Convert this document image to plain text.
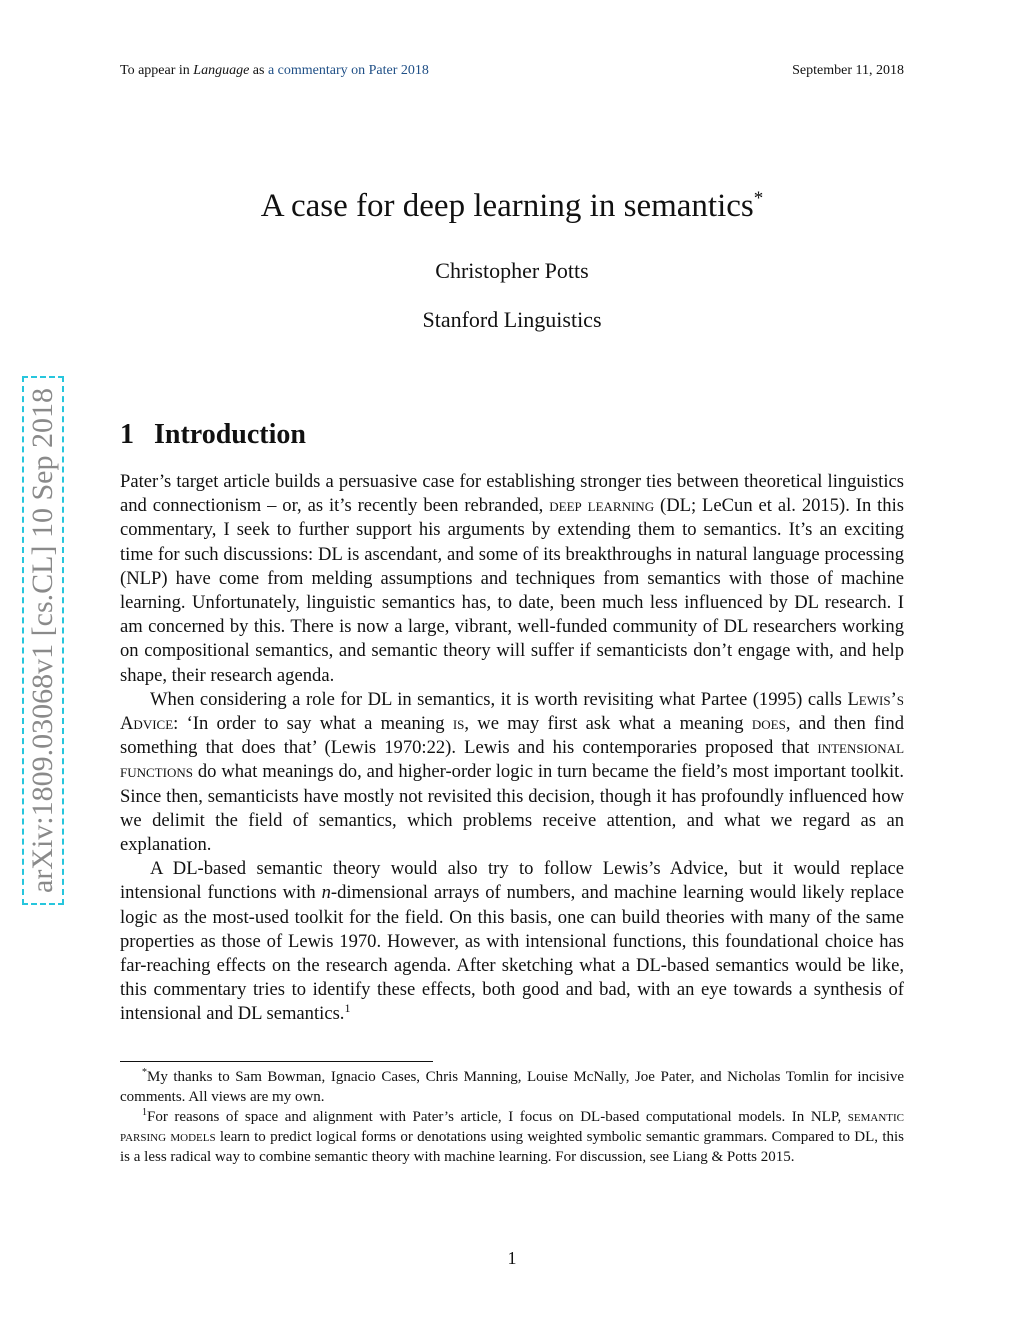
To appear in Language as a commentary on Pater 2018	September 11, 2018
arXiv:1809.03068v1 [cs.CL] 10 Sep 2018
A case for deep learning in semantics*
Christopher Potts
Stanford Linguistics
1 Introduction

Pater’s target article builds a persuasive case for establishing stronger ties between theoretical linguistics and connectionism – or, as it’s recently been rebranded, deep learning (DL; LeCun et al. 2015). In this commentary, I seek to further support his arguments by extending them to semantics. It’s an exciting time for such discussions: DL is ascendant, and some of its breakthroughs in natural language processing (NLP) have come from melding assumptions and techniques from semantics with those of machine learning. Unfortunately, linguistic semantics has, to date, been much less influenced by DL research. I am concerned by this. There is now a large, vibrant, well-funded community of DL researchers working on compositional semantics, and semantic theory will suffer if semanticists don’t engage with, and help shape, their research agenda.

When considering a role for DL in semantics, it is worth revisiting what Partee (1995) calls Lewis’s Advice: ‘In order to say what a meaning is, we may first ask what a meaning does, and then find something that does that’ (Lewis 1970:22). Lewis and his contemporaries proposed that intensional functions do what meanings do, and higher-order logic in turn became the field’s most important toolkit. Since then, semanticists have mostly not revisited this decision, though it has profoundly influenced how we delimit the field of semantics, which problems receive attention, and what we regard as an explanation.

A DL-based semantic theory would also try to follow Lewis’s Advice, but it would replace intensional functions with n-dimensional arrays of numbers, and machine learning would likely replace logic as the most-used toolkit for the field. On this basis, one can build theories with many of the same properties as those of Lewis 1970. However, as with intensional functions, this foundational choice has far-reaching effects on the research agenda. After sketching what a DL-based semantics would be like, this commentary tries to identify these effects, both good and bad, with an eye towards a synthesis of intensional and DL semantics.$^1$

*My thanks to Sam Bowman, Ignacio Cases, Chris Manning, Louise McNally, Joe Pater, and Nicholas Tomlin for incisive comments. All views are my own.

$^1$For reasons of space and alignment with Pater’s article, I focus on DL-based computational models. In NLP, semantic parsing models learn to predict logical forms or denotations using weighted symbolic semantic grammars. Compared to DL, this is a less radical way to combine semantic theory with machine learning. For discussion, see Liang & Potts 2015.

1
